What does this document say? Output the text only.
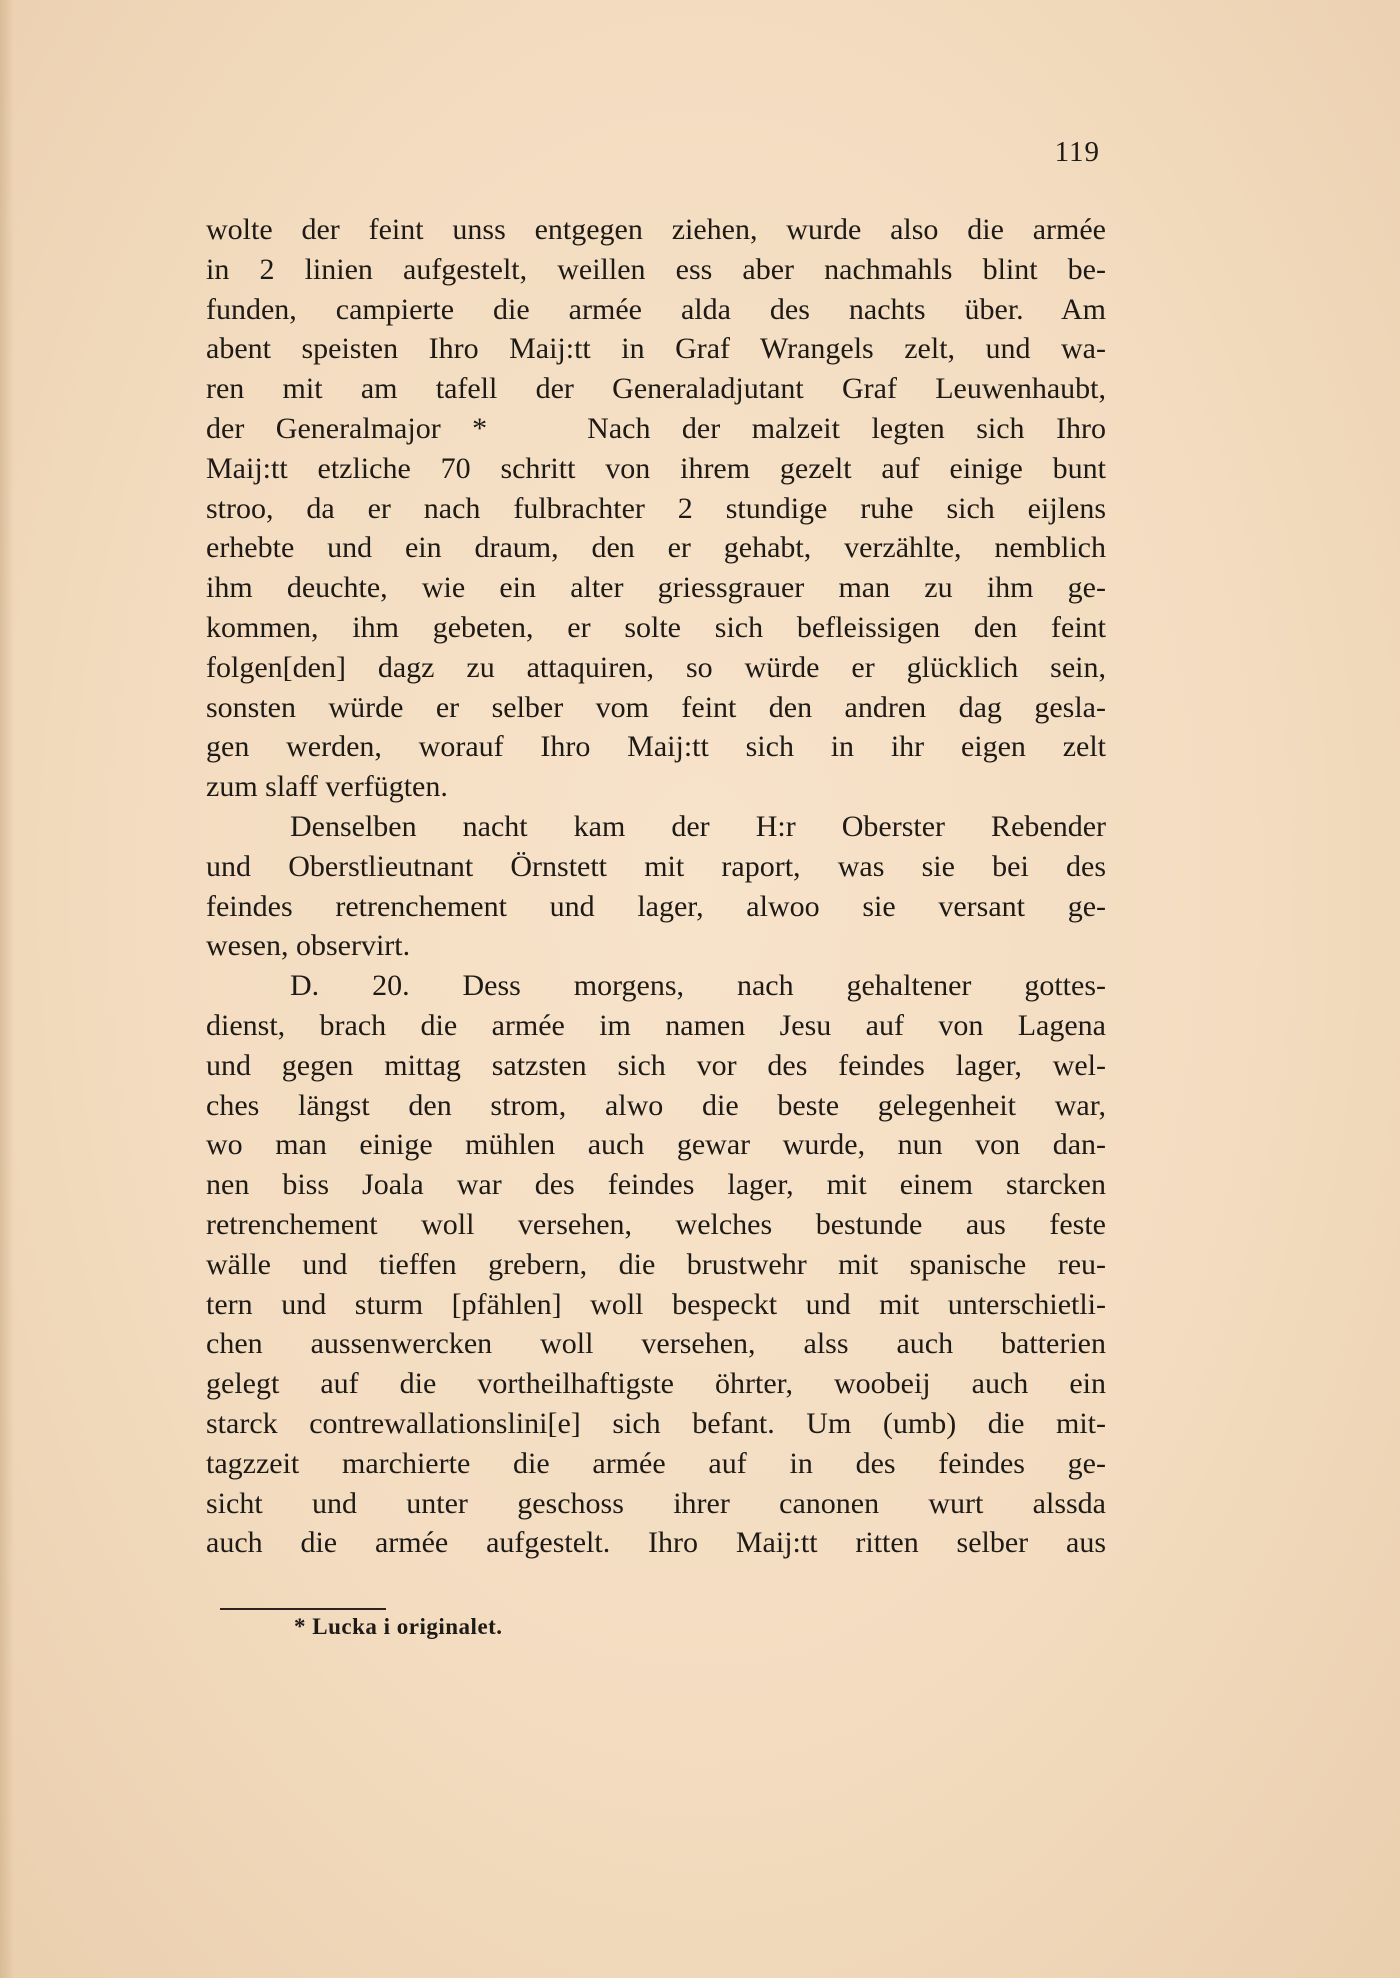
119
wolte der feint unss entgegen ziehen, wurde also die armée
in 2 linien aufgestelt, weillen ess aber nachmahls blint be-
funden, campierte die armée alda des nachts über. Am
abent speisten Ihro Maij:tt in Graf Wrangels zelt, und wa-
ren mit am tafell der Generaladjutant Graf Leuwenhaubt,
der Generalmajor *	Nach der malzeit legten sich Ihro
Maij:tt etzliche 70 schritt von ihrem gezelt auf einige bunt
stroo, da er nach fulbrachter 2 stundige ruhe sich eijlens
erhebte und ein draum, den er gehabt, verzählte, nemblich
ihm deuchte, wie ein alter griessgrauer man zu ihm ge-
kommen, ihm gebeten, er solte sich befleissigen den feint
folgen[den] dagz zu attaquiren, so würde er glücklich sein,
sonsten würde er selber vom feint den andren dag gesla-
gen werden, worauf Ihro Maij:tt sich in ihr eigen zelt
zum slaff verfügten.
Denselben nacht kam der H:r Oberster Rebender
und Oberstlieutnant Örnstett mit raport, was sie bei des
feindes retrenchement und lager, alwoo sie versant ge-
wesen, observirt.
D. 20. Dess morgens, nach gehaltener gottes-
dienst, brach die armée im namen Jesu auf von Lagena
und gegen mittag satzsten sich vor des feindes lager, wel-
ches längst den strom, alwo die beste gelegenheit war,
wo man einige mühlen auch gewar wurde, nun von dan-
nen biss Joala war des feindes lager, mit einem starcken
retrenchement woll versehen, welches bestunde aus feste
wälle und tieffen grebern, die brustwehr mit spanische reu-
tern und sturm [pfählen] woll bespeckt und mit unterschietli-
chen aussenwercken woll versehen, alss auch batterien
gelegt auf die vortheilhaftigste öhrter, woobeij auch ein
starck contrewallationslini[e] sich befant. Um (umb) die mit-
tagzzeit marchierte die armée auf in des feindes ge-
sicht und unter geschoss ihrer canonen wurt alssda
auch die armée aufgestelt. Ihro Maij:tt ritten selber aus
* Lucka i originalet.
